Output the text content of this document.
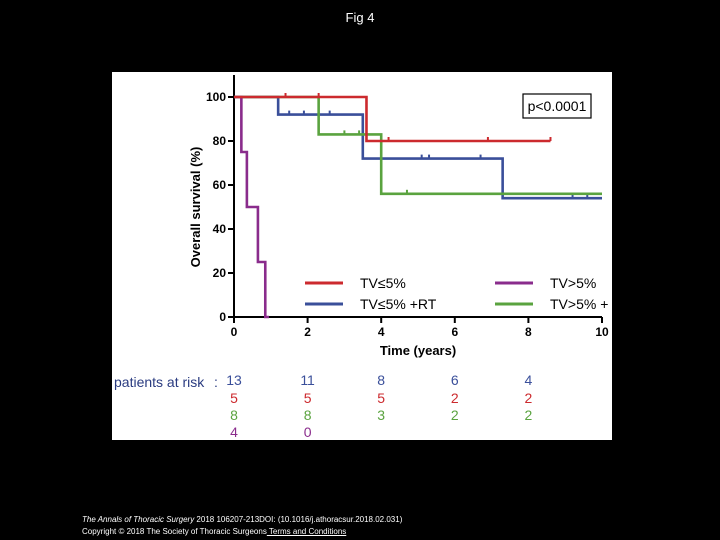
Fig 4
0
20
40
60
80
100
0	2	4	6	8	10
Time (years)
Overall survival (%)
p<0.0001
TV≤5%	TV>5%
TV≤5% +RT	TV>5% + RT
patients at risk : 13	11	8	6	4
5	5	5	2	2
8	8	3	2	2
4	0
The Annals of Thoracic Surgery 2018 106207-213DOI: (10.1016/j.athoracsur.2018.02.031)
Copyright © 2018 The Society of Thoracic Surgeons Terms and Conditions
